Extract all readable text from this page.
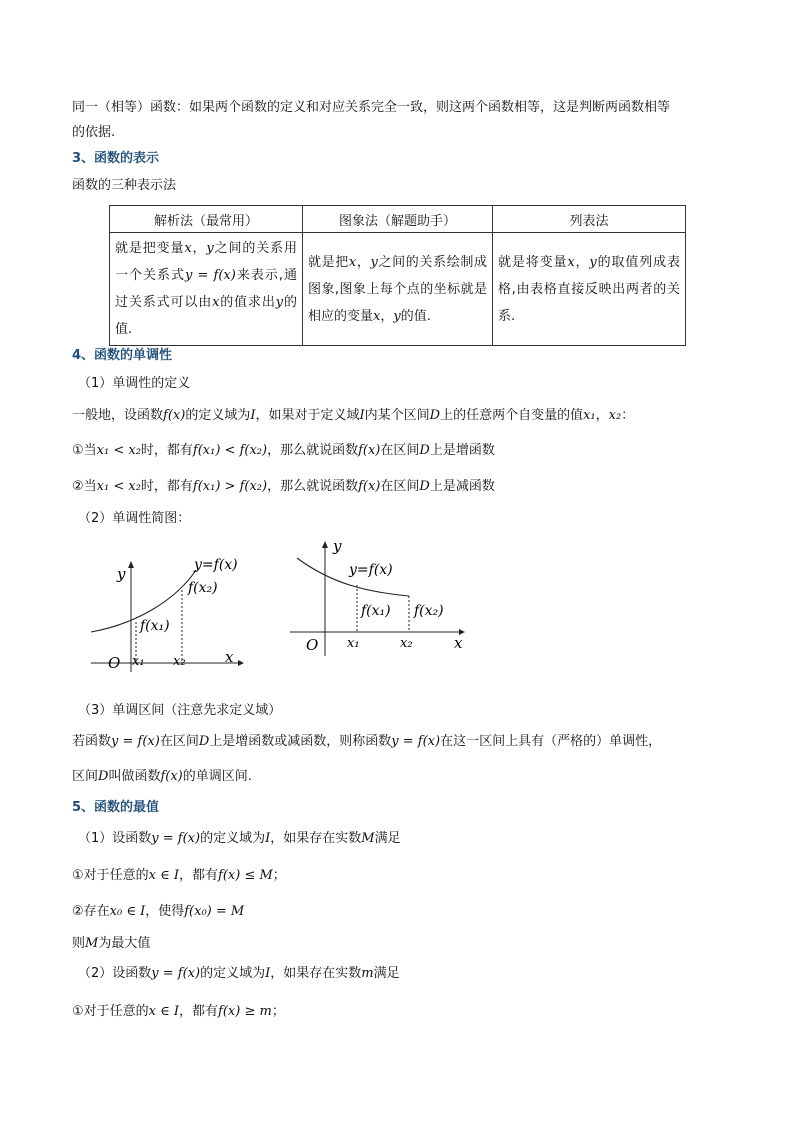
同一（相等）函数：如果两个函数的定义和对应关系完全一致，则这两个函数相等，这是判断两函数相等
的依据.
3、函数的表示
函数的三种表示法
解析法（最常用）	图象法（解题助手）	列表法
就是把变量x，y之间的关系用一个关系式y = f(x)来表示,通过关系式可以由x的值求出y的值.	就是把x，y之间的关系绘制成图象,图象上每个点的坐标就是相应的变量x，y的值.	就是将变量x，y的取值列成表格,由表格直接反映出两者的关系.
4、函数的单调性
（1）单调性的定义
一般地，设函数f(x)的定义域为I，如果对于定义域I内某个区间D上的任意两个自变量的值x₁，x₂：
①当x₁ < x₂时，都有f(x₁) < f(x₂)，那么就说函数f(x)在区间D上是增函数
②当x₁ < x₂时，都有f(x₁) > f(x₂)，那么就说函数f(x)在区间D上是减函数
（2）单调性简图：
y
x
O
y=f(x)
f(x₂)
f(x₁)
x₁ x₂
y
x
O
y=f(x)
f(x₁) f(x₂)
x₁	x₂
（3）单调区间（注意先求定义域）
若函数y = f(x)在区间D上是增函数或减函数，则称函数y = f(x)在这一区间上具有（严格的）单调性，
区间D叫做函数f(x)的单调区间.
5、函数的最值
（1）设函数y = f(x)的定义域为I，如果存在实数M满足
①对于任意的x ∈ I，都有f(x) ≤ M；
②存在x₀ ∈ I，使得f(x₀) = M
则M为最大值
（2）设函数y = f(x)的定义域为I，如果存在实数m满足
①对于任意的x ∈ I，都有f(x) ≥ m；
